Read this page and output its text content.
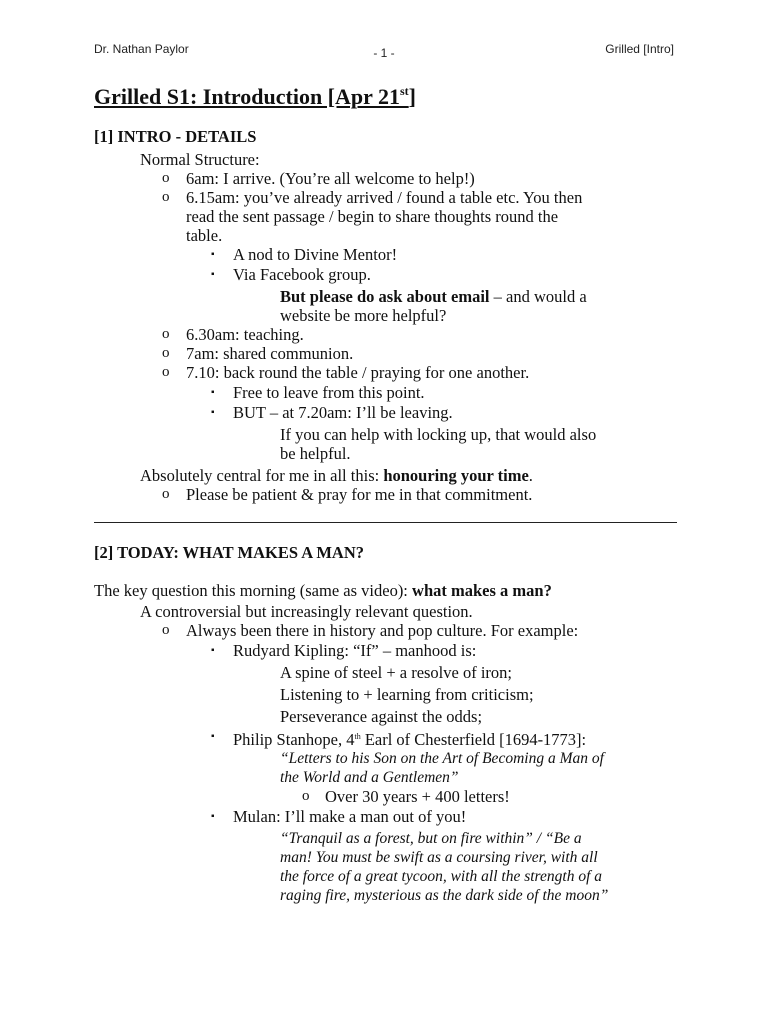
Dr. Nathan Paylor	- 1 -	Grilled [Intro]
Grilled S1: Introduction [Apr 21st]
[1] INTRO - DETAILS
Normal Structure:
o 6am: I arrive. (You’re all welcome to help!)
o 6.15am: you’ve already arrived / found a table etc. You then
read the sent passage / begin to share thoughts round the
table.
▪ A nod to Divine Mentor!
▪ Via Facebook group.
But please do ask about email – and would a
website be more helpful?
o 6.30am: teaching.
o 7am: shared communion.
o 7.10: back round the table / praying for one another.
▪ Free to leave from this point.
▪ BUT – at 7.20am: I’ll be leaving.
If you can help with locking up, that would also
be helpful.
Absolutely central for me in all this: honouring your time.
o Please be patient & pray for me in that commitment.
[2] TODAY: WHAT MAKES A MAN?
The key question this morning (same as video): what makes a man?
A controversial but increasingly relevant question.
o Always been there in history and pop culture. For example:
▪ Rudyard Kipling: “If” – manhood is:
A spine of steel + a resolve of iron;
Listening to + learning from criticism;
Perseverance against the odds;
▪ Philip Stanhope, 4th Earl of Chesterfield [1694-1773]:
“Letters to his Son on the Art of Becoming a Man of
the World and a Gentlemen”
o Over 30 years + 400 letters!
▪ Mulan: I’ll make a man out of you!
“Tranquil as a forest, but on fire within” / “Be a
man! You must be swift as a coursing river, with all
the force of a great tycoon, with all the strength of a
raging fire, mysterious as the dark side of the moon”
